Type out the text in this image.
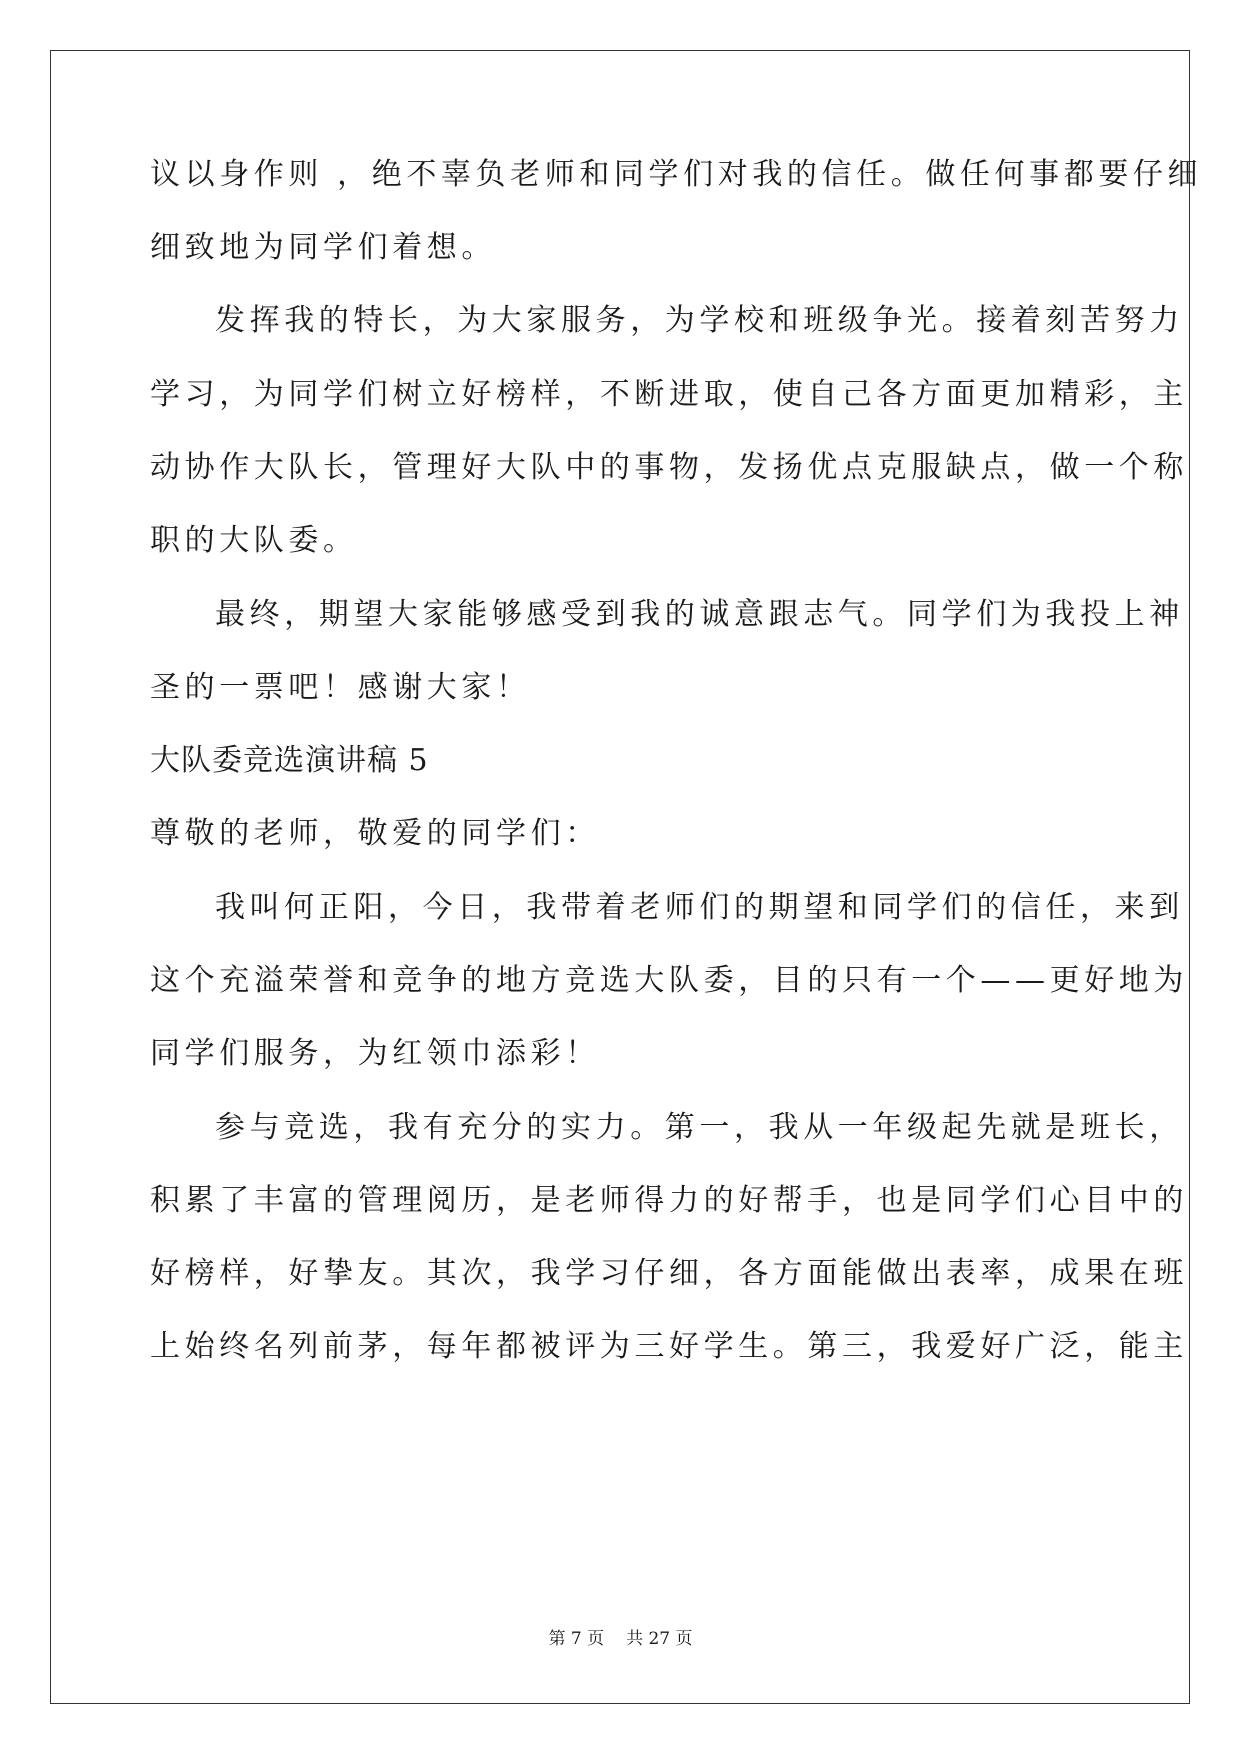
议以身作则 ，绝不辜负老师和同学们对我的信任。做任何事都要仔细
细致地为同学们着想。
发挥我的特长，为大家服务，为学校和班级争光。接着刻苦努力
学习，为同学们树立好榜样，不断进取，使自己各方面更加精彩，主
动协作大队长，管理好大队中的事物，发扬优点克服缺点，做一个称
职的大队委。
最终，期望大家能够感受到我的诚意跟志气。同学们为我投上神
圣的一票吧！感谢大家！
大队委竞选演讲稿 5
尊敬的老师，敬爱的同学们：
我叫何正阳，今日，我带着老师们的期望和同学们的信任，来到
这个充溢荣誉和竞争的地方竞选大队委，目的只有一个——更好地为
同学们服务，为红领巾添彩！
参与竞选，我有充分的实力。第一，我从一年级起先就是班长，
积累了丰富的管理阅历，是老师得力的好帮手，也是同学们心目中的
好榜样，好挚友。其次，我学习仔细，各方面能做出表率，成果在班
上始终名列前茅，每年都被评为三好学生。第三，我爱好广泛，能主
第 7 页 共 27 页
